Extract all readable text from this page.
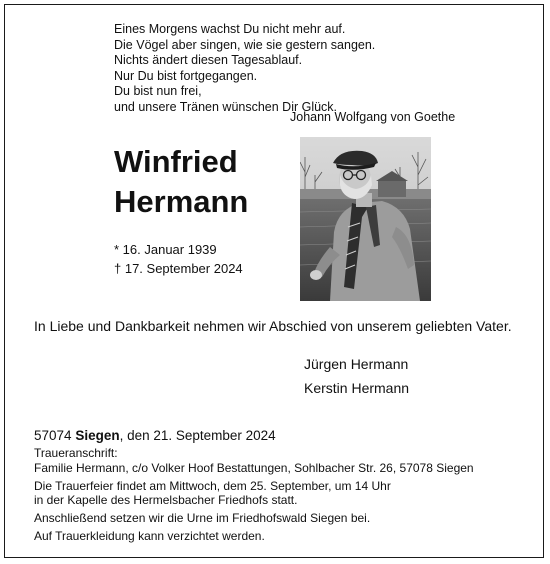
Eines Morgens wachst Du nicht mehr auf.
Die Vögel aber singen, wie sie gestern sangen.
Nichts ändert diesen Tagesablauf.
Nur Du bist fortgegangen.
Du bist nun frei,
und unsere Tränen wünschen Dir Glück.
Johann Wolfgang von Goethe
Winfried
Hermann
* 16. Januar 1939
† 17. September 2024
In Liebe und Dankbarkeit nehmen wir Abschied von unserem geliebten Vater.
Jürgen Hermann
Kerstin Hermann
57074 Siegen, den 21. September 2024
Traueranschrift:
Familie Hermann, c/o Volker Hoof Bestattungen, Sohlbacher Str. 26, 57078 Siegen
Die Trauerfeier findet am Mittwoch, dem 25. September, um 14 Uhr
in der Kapelle des Hermelsbacher Friedhofs statt.
Anschließend setzen wir die Urne im Friedhofswald Siegen bei.
Auf Trauerkleidung kann verzichtet werden.
